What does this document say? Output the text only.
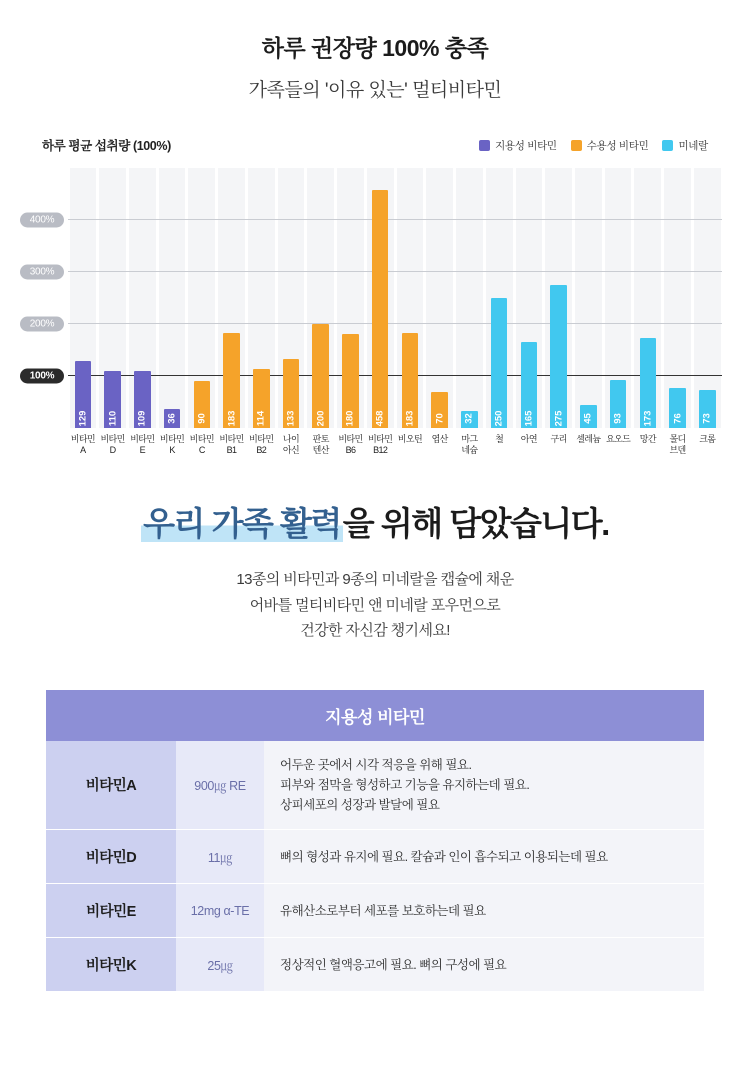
하루 권장량 100% 충족
가족들의 '이유 있는' 멀티비타민
하루 평균 섭취량 (100%)	지용성 비타민	수용성 비타민	미네랄
100%
200%
300%
400%
129 110 109 36 90 183 114 133 200 180 458 183 70 32 250 165 275 45 93 173 76 73
비타민
A
비타민
D
비타민
E
비타민
K
비타민
C
비타민
B1
비타민
B2
나이
아신
판토
텐산
비타민
B6
비타민
B12
비오틴	엽산	마그
네슘
철	아연	구리	셀레늄 요오드	망간	몰디
브덴
크롬
우리 가족 활력을 위해 담았습니다.
13종의 비타민과 9종의 미네랄을 캡슐에 채운
어바틀 멀티비타민 앤 미네랄 포우먼으로
건강한 자신감 챙기세요!
지용성 비타민
비타민A	900㎍ RE	어두운 곳에서 시각 적응을 위해 필요.
피부와 점막을 형성하고 기능을 유지하는데 필요.
상피세포의 성장과 발달에 필요

비타민D	11㎍	뼈의 형성과 유지에 필요. 칼슘과 인이 흡수되고 이용되는데 필요

비타민E	12mg α-TE	유해산소로부터 세포를 보호하는데 필요

비타민K	25㎍	정상적인 혈액응고에 필요. 뼈의 구성에 필요
